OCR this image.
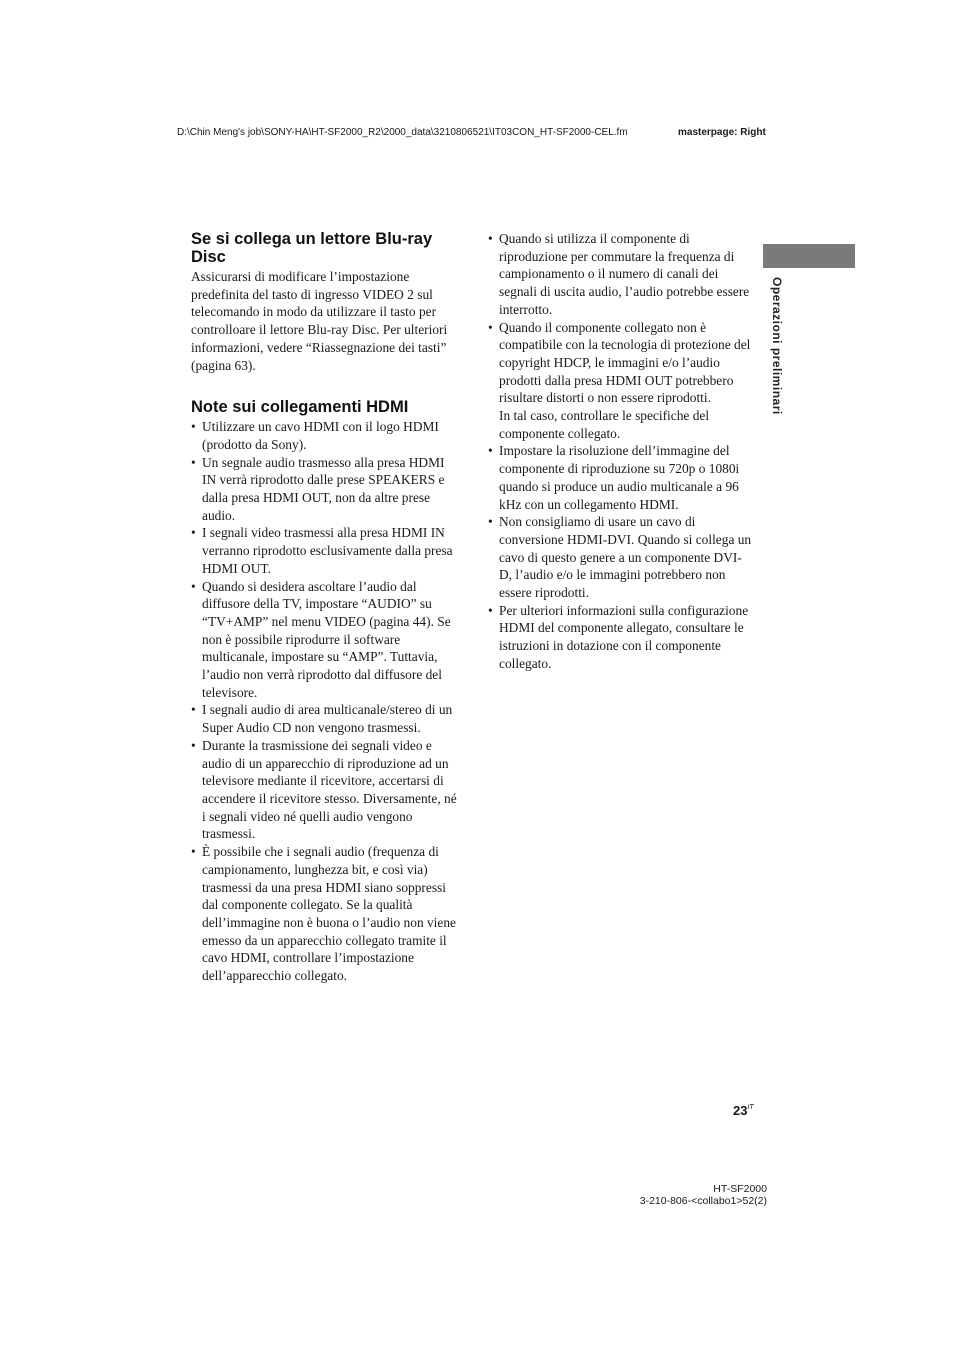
D:\Chin Meng's job\SONY-HA\HT-SF2000_R2\2000_data\3210806521\IT03CON_HT-SF2000-CEL.fm	masterpage: Right
Se si collega un lettore Blu-ray Disc

Assicurarsi di modificare l’impostazione predefinita del tasto di ingresso VIDEO 2 sul telecomando in modo da utilizzare il tasto per controlloare il lettore Blu-ray Disc. Per ulteriori informazioni, vedere “Riassegnazione dei tasti” (pagina 63).

Note sui collegamenti HDMI
• Utilizzare un cavo HDMI con il logo HDMI (prodotto da Sony).
• Un segnale audio trasmesso alla presa HDMI IN verrà riprodotto dalle prese SPEAKERS e dalla presa HDMI OUT, non da altre prese audio.
• I segnali video trasmessi alla presa HDMI IN verranno riprodotto esclusivamente dalla presa HDMI OUT.
• Quando si desidera ascoltare l’audio dal diffusore della TV, impostare “AUDIO” su “TV+AMP” nel menu VIDEO (pagina 44). Se non è possibile riprodurre il software multicanale, impostare su “AMP”. Tuttavia, l’audio non verrà riprodotto dal diffusore del televisore.
• I segnali audio di area multicanale/stereo di un Super Audio CD non vengono trasmessi.
• Durante la trasmissione dei segnali video e audio di un apparecchio di riproduzione ad un televisore mediante il ricevitore, accertarsi di accendere il ricevitore stesso. Diversamente, né i segnali video né quelli audio vengono trasmessi.
• È possibile che i segnali audio (frequenza di campionamento, lunghezza bit, e così via) trasmessi da una presa HDMI siano soppressi dal componente collegato. Se la qualità dell’immagine non è buona o l’audio non viene emesso da un apparecchio collegato tramite il cavo HDMI, controllare l’impostazione dell’apparecchio collegato.
• Quando si utilizza il componente di riproduzione per commutare la frequenza di campionamento o il numero di canali dei segnali di uscita audio, l’audio potrebbe essere interrotto.
• Quando il componente collegato non è compatibile con la tecnologia di protezione del copyright HDCP, le immagini e/o l’audio prodotti dalla presa HDMI OUT potrebbero risultare distorti o non essere riprodotti.
In tal caso, controllare le specifiche del componente collegato.
• Impostare la risoluzione dell’immagine del componente di riproduzione su 720p o 1080i quando si produce un audio multicanale a 96 kHz con un collegamento HDMI.
• Non consigliamo di usare un cavo di conversione HDMI-DVI. Quando si collega un cavo di questo genere a un componente DVI-D, l’audio e/o le immagini potrebbero non essere riprodotti.
• Per ulteriori informazioni sulla configurazione HDMI del componente allegato, consultare le istruzioni in dotazione con il componente collegato.
Operazioni preliminari
$23^{IT}$
HT-SF2000
3-210-806-<collabo1>52(2)
